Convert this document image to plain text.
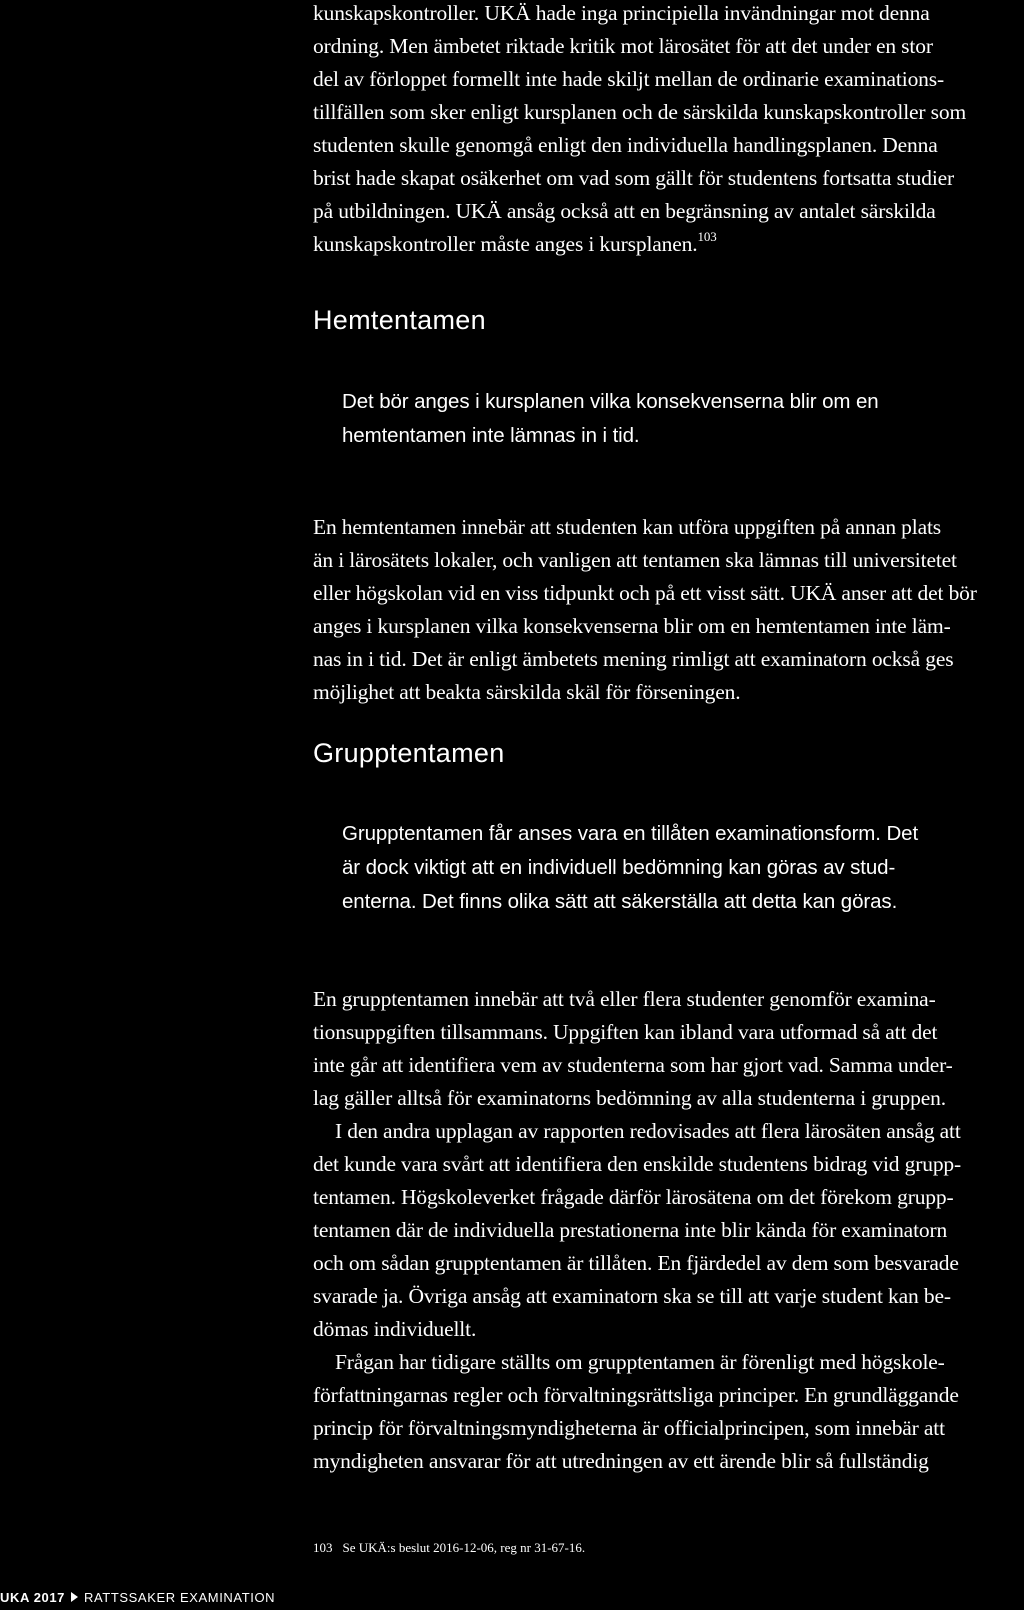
kunskapskontroller. UKÄ hade inga principiella invändningar mot denna
ordning. Men ämbetet riktade kritik mot lärosätet för att det under en stor
del av förloppet formellt inte hade skiljt mellan de ordinarie examinations-
tillfällen som sker enligt kursplanen och de särskilda kunskapskontroller som
studenten skulle genomgå enligt den individuella handlingsplanen. Denna
brist hade skapat osäkerhet om vad som gällt för studentens fortsatta studier
på utbildningen. UKÄ ansåg också att en begränsning av antalet särskilda
kunskapskontroller måste anges i kursplanen.$^{103}$
Hemtentamen
Det bör anges i kursplanen vilka konsekvenserna blir om en
hemtentamen inte lämnas in i tid.
En hemtentamen innebär att studenten kan utföra uppgiften på annan plats
än i lärosätets lokaler, och vanligen att tentamen ska lämnas till universitetet
eller högskolan vid en viss tidpunkt och på ett visst sätt. UKÄ anser att det bör
anges i kursplanen vilka konsekvenserna blir om en hemtentamen inte läm-
nas in i tid. Det är enligt ämbetets mening rimligt att examinatorn också ges
möjlighet att beakta särskilda skäl för förseningen.
Grupptentamen
Grupptentamen får anses vara en tillåten examinationsform. Det
är dock viktigt att en individuell bedömning kan göras av stud-
enterna. Det finns olika sätt att säkerställa att detta kan göras.
En grupptentamen innebär att två eller flera studenter genomför examina-
tionsuppgiften tillsammans. Uppgiften kan ibland vara utformad så att det
inte går att identifiera vem av studenterna som har gjort vad. Samma under-
lag gäller alltså för examinatorns bedömning av alla studenterna i gruppen.
I den andra upplagan av rapporten redovisades att flera lärosäten ansåg att
det kunde vara svårt att identifiera den enskilde studentens bidrag vid grupp-
tentamen. Högskoleverket frågade därför lärosätena om det förekom grupp-
tentamen där de individuella prestationerna inte blir kända för examinatorn
och om sådan grupptentamen är tillåten. En fjärdedel av dem som besvarade
svarade ja. Övriga ansåg att examinatorn ska se till att varje student kan be-
dömas individuellt.
Frågan har tidigare ställts om grupptentamen är förenligt med högskole-
författningarnas regler och förvaltningsrättsliga principer. En grundläggande
princip för förvaltningsmyndigheterna är officialprincipen, som innebär att
myndigheten ansvarar för att utredningen av ett ärende blir så fullständig

103 Se UKÄ:s beslut 2016-12-06, reg nr 31-67-16.

UKA 2017 RATTSSAKER EXAMINATION
